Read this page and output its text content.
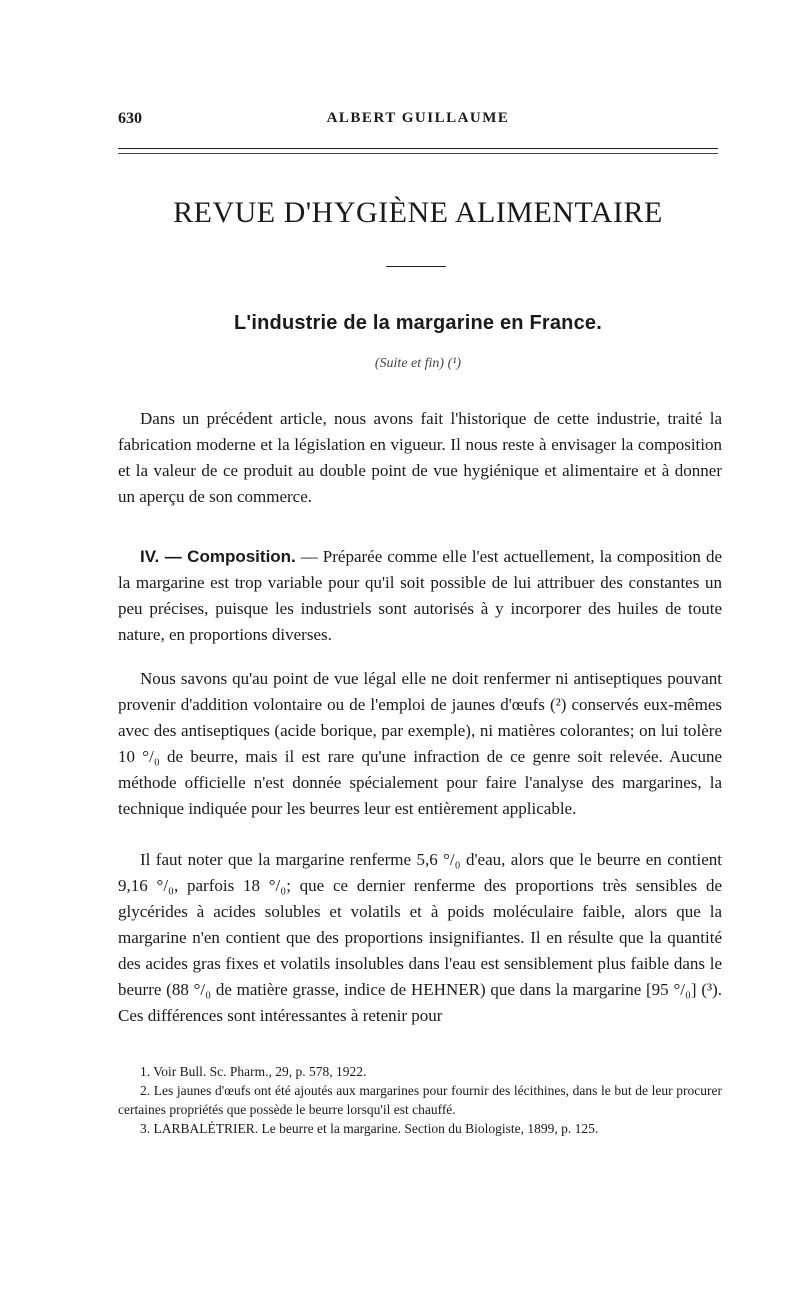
630	ALBERT GUILLAUME
REVUE D'HYGIÈNE ALIMENTAIRE
L'industrie de la margarine en France.
(Suite et fin) (¹)

Dans un précédent article, nous avons fait l'historique de cette industrie, traité la fabrication moderne et la législation en vigueur. Il nous reste à envisager la composition et la valeur de ce produit au double point de vue hygiénique et alimentaire et à donner un aperçu de son commerce.

IV. — Composition. — Préparée comme elle l'est actuellement, la composition de la margarine est trop variable pour qu'il soit possible de lui attribuer des constantes un peu précises, puisque les industriels sont autorisés à y incorporer des huiles de toute nature, en proportions diverses.

Nous savons qu'au point de vue légal elle ne doit renfermer ni antiseptiques pouvant provenir d'addition volontaire ou de l'emploi de jaunes d'œufs (²) conservés eux-mêmes avec des antiseptiques (acide borique, par exemple), ni matières colorantes; on lui tolère 10 °/₀ de beurre, mais il est rare qu'une infraction de ce genre soit relevée. Aucune méthode officielle n'est donnée spécialement pour faire l'analyse des margarines, la technique indiquée pour les beurres leur est entièrement applicable.

Il faut noter que la margarine renferme 5,6 °/₀ d'eau, alors que le beurre en contient 9,16 °/₀, parfois 18 °/₀; que ce dernier renferme des proportions très sensibles de glycérides à acides solubles et volatils et à poids moléculaire faible, alors que la margarine n'en contient que des proportions insignifiantes. Il en résulte que la quantité des acides gras fixes et volatils insolubles dans l'eau est sensiblement plus faible dans le beurre (88 °/₀ de matière grasse, indice de HEHNER) que dans la margarine [95 °/₀] (³). Ces différences sont intéressantes à retenir pour

1. Voir Bull. Sc. Pharm., 29, p. 578, 1922.

2. Les jaunes d'œufs ont été ajoutés aux margarines pour fournir des lécithines, dans le but de leur procurer certaines propriétés que possède le beurre lorsqu'il est chauffé.

3. LARBALÉTRIER. Le beurre et la margarine. Section du Biologiste, 1899, p. 125.
